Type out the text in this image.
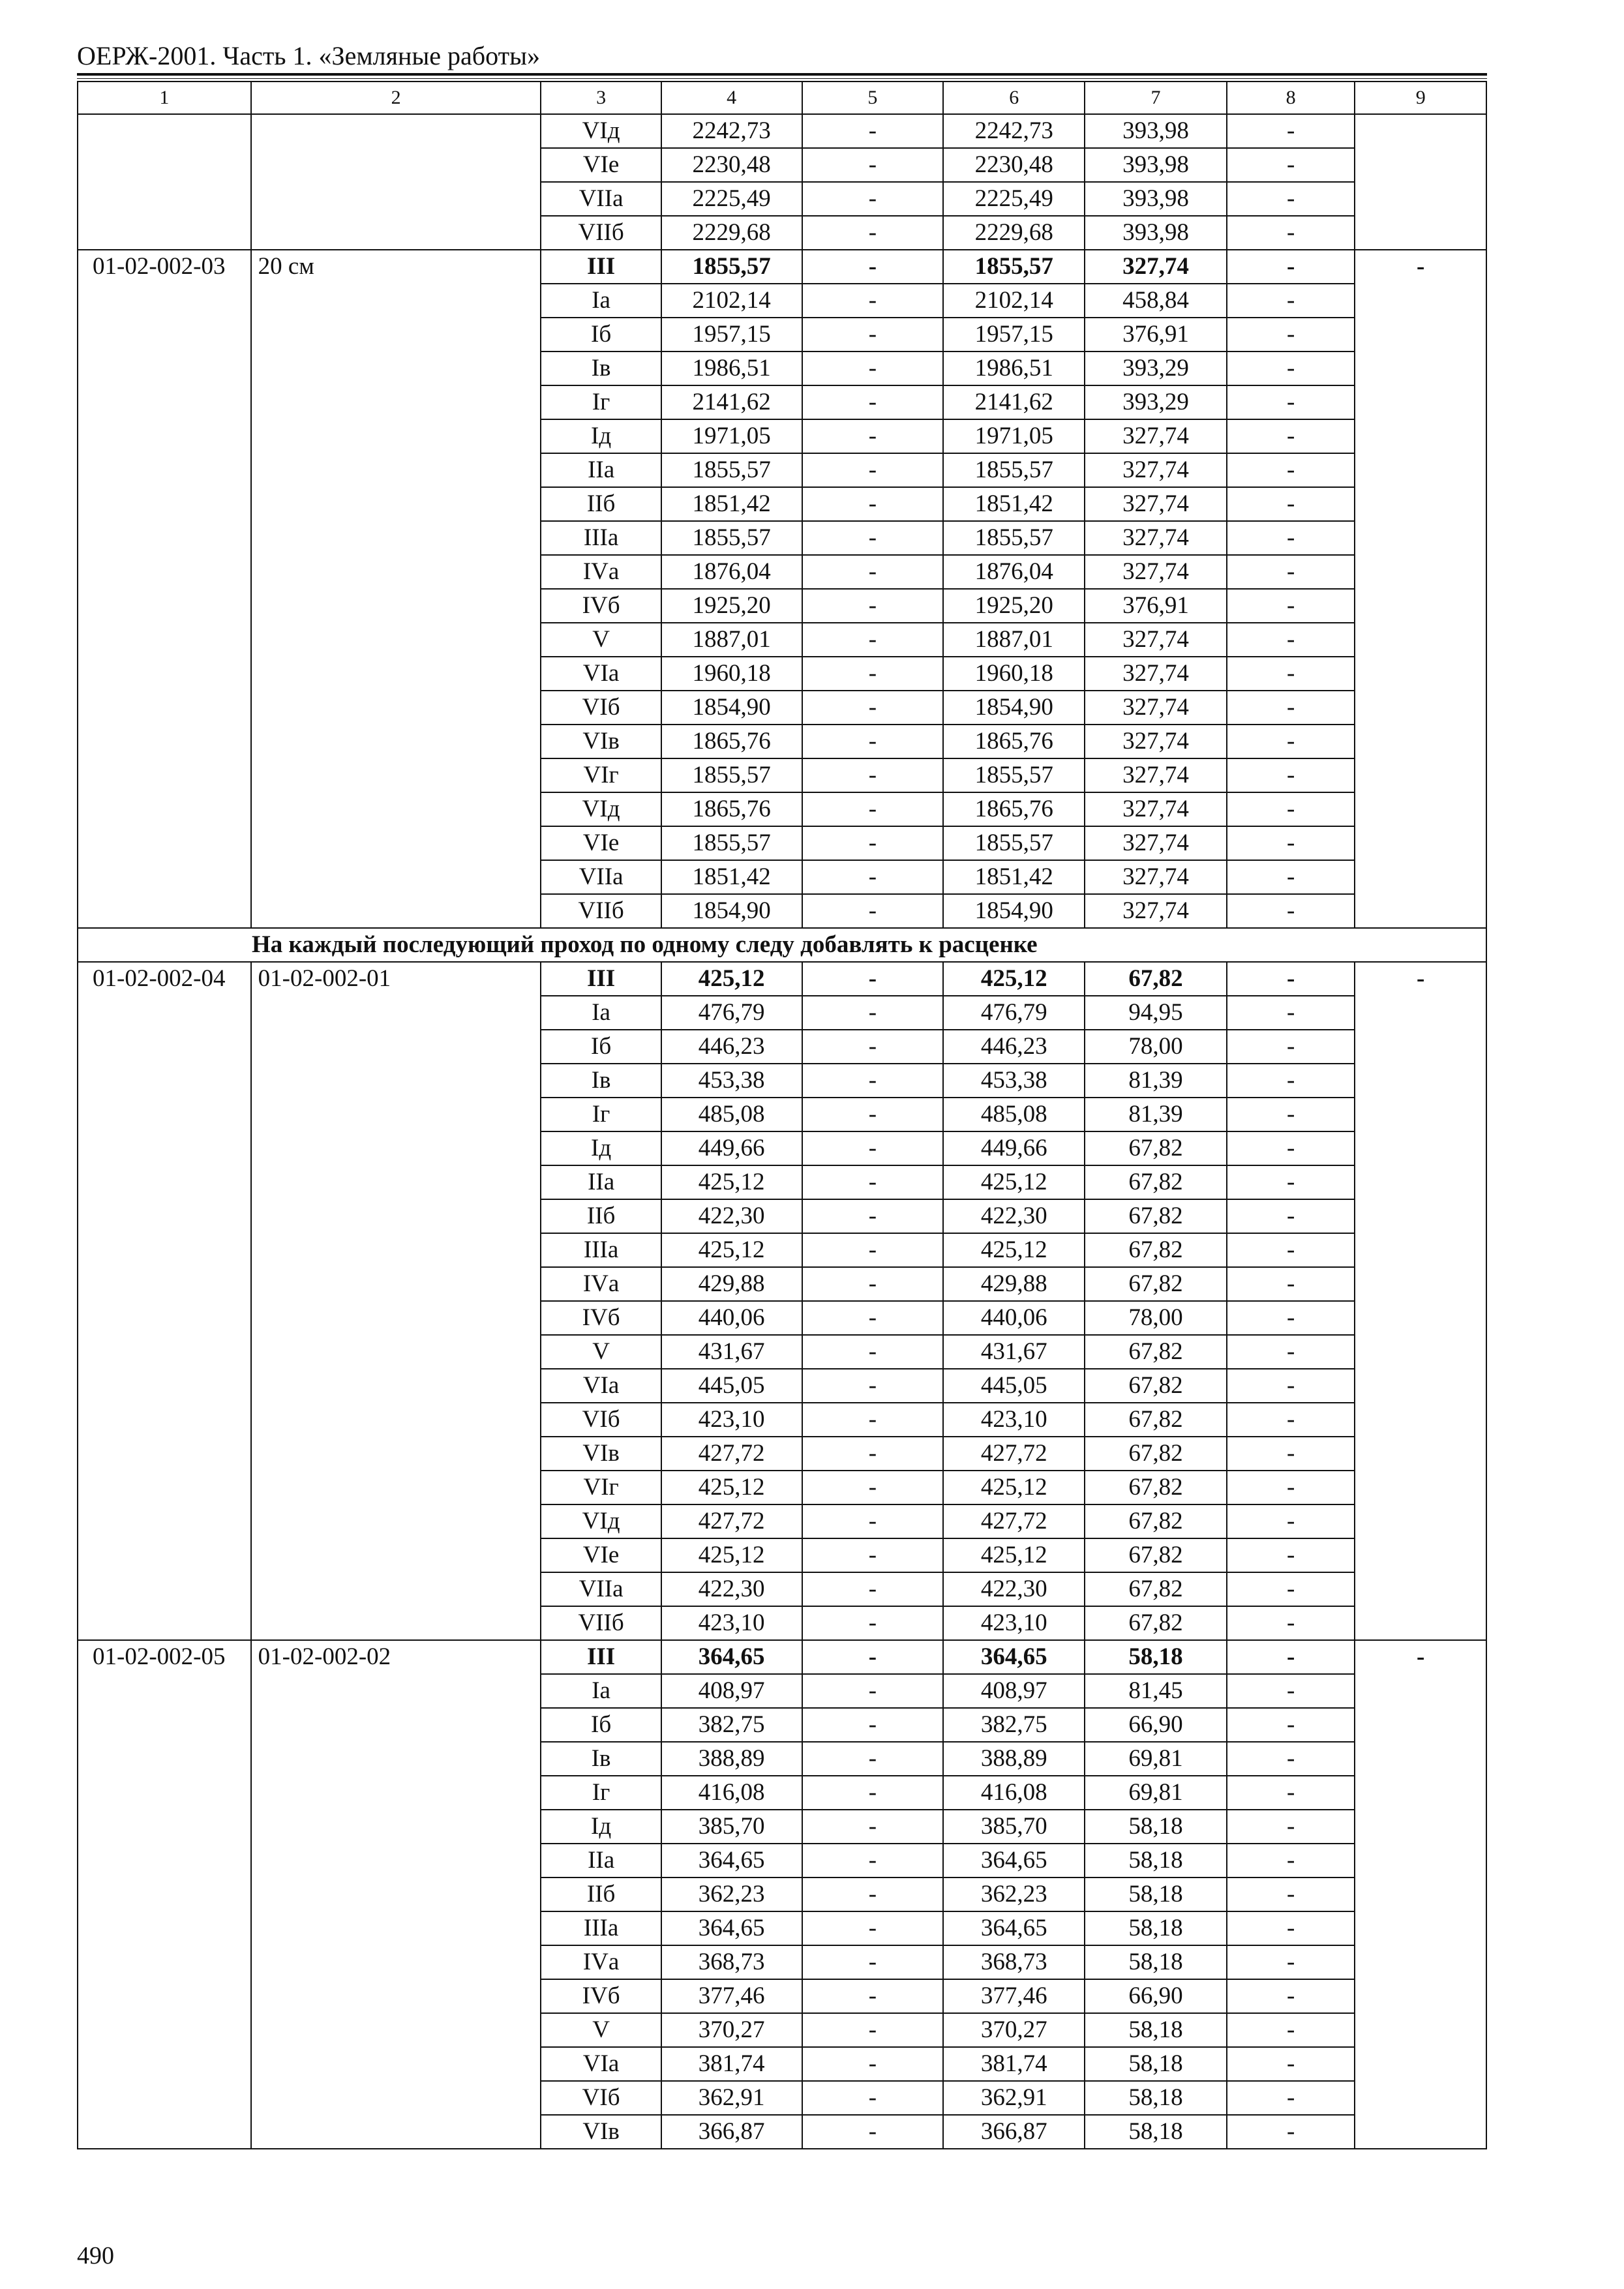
ОЕРЖ-2001. Часть 1. «Земляные работы»
1	2	3	4	5	6	7	8	9
		VIд	2242,73	-	2242,73	393,98	-	
		VIе	2230,48	-	2230,48	393,98	-	
		VIIа	2225,49	-	2225,49	393,98	-	
		VIIб	2229,68	-	2229,68	393,98	-	
01-02-002-03	20 см	III	1855,57	-	1855,57	327,74	-	-
		Iа	2102,14	-	2102,14	458,84	-	
		Iб	1957,15	-	1957,15	376,91	-	
		Iв	1986,51	-	1986,51	393,29	-	
		Iг	2141,62	-	2141,62	393,29	-	
		Iд	1971,05	-	1971,05	327,74	-	
		IIа	1855,57	-	1855,57	327,74	-	
		IIб	1851,42	-	1851,42	327,74	-	
		IIIа	1855,57	-	1855,57	327,74	-	
		IVа	1876,04	-	1876,04	327,74	-	
		IVб	1925,20	-	1925,20	376,91	-	
		V	1887,01	-	1887,01	327,74	-	
		VIа	1960,18	-	1960,18	327,74	-	
		VIб	1854,90	-	1854,90	327,74	-	
		VIв	1865,76	-	1865,76	327,74	-	
		VIг	1855,57	-	1855,57	327,74	-	
		VIд	1865,76	-	1865,76	327,74	-	
		VIе	1855,57	-	1855,57	327,74	-	
		VIIа	1851,42	-	1851,42	327,74	-	
		VIIб	1854,90	-	1854,90	327,74	-	
На каждый последующий проход по одному следу добавлять к расценке								
01-02-002-04	01-02-002-01	III	425,12	-	425,12	67,82	-	-
		Iа	476,79	-	476,79	94,95	-	
		Iб	446,23	-	446,23	78,00	-	
		Iв	453,38	-	453,38	81,39	-	
		Iг	485,08	-	485,08	81,39	-	
		Iд	449,66	-	449,66	67,82	-	
		IIа	425,12	-	425,12	67,82	-	
		IIб	422,30	-	422,30	67,82	-	
		IIIа	425,12	-	425,12	67,82	-	
		IVа	429,88	-	429,88	67,82	-	
		IVб	440,06	-	440,06	78,00	-	
		V	431,67	-	431,67	67,82	-	
		VIа	445,05	-	445,05	67,82	-	
		VIб	423,10	-	423,10	67,82	-	
		VIв	427,72	-	427,72	67,82	-	
		VIг	425,12	-	425,12	67,82	-	
		VIд	427,72	-	427,72	67,82	-	
		VIе	425,12	-	425,12	67,82	-	
		VIIа	422,30	-	422,30	67,82	-	
		VIIб	423,10	-	423,10	67,82	-	
01-02-002-05	01-02-002-02	III	364,65	-	364,65	58,18	-	-
		Iа	408,97	-	408,97	81,45	-	
		Iб	382,75	-	382,75	66,90	-	
		Iв	388,89	-	388,89	69,81	-	
		Iг	416,08	-	416,08	69,81	-	
		Iд	385,70	-	385,70	58,18	-	
		IIа	364,65	-	364,65	58,18	-	
		IIб	362,23	-	362,23	58,18	-	
		IIIа	364,65	-	364,65	58,18	-	
		IVа	368,73	-	368,73	58,18	-	
		IVб	377,46	-	377,46	66,90	-	
		V	370,27	-	370,27	58,18	-	
		VIа	381,74	-	381,74	58,18	-	
		VIб	362,91	-	362,91	58,18	-	
		VIв	366,87	-	366,87	58,18	-	
490
